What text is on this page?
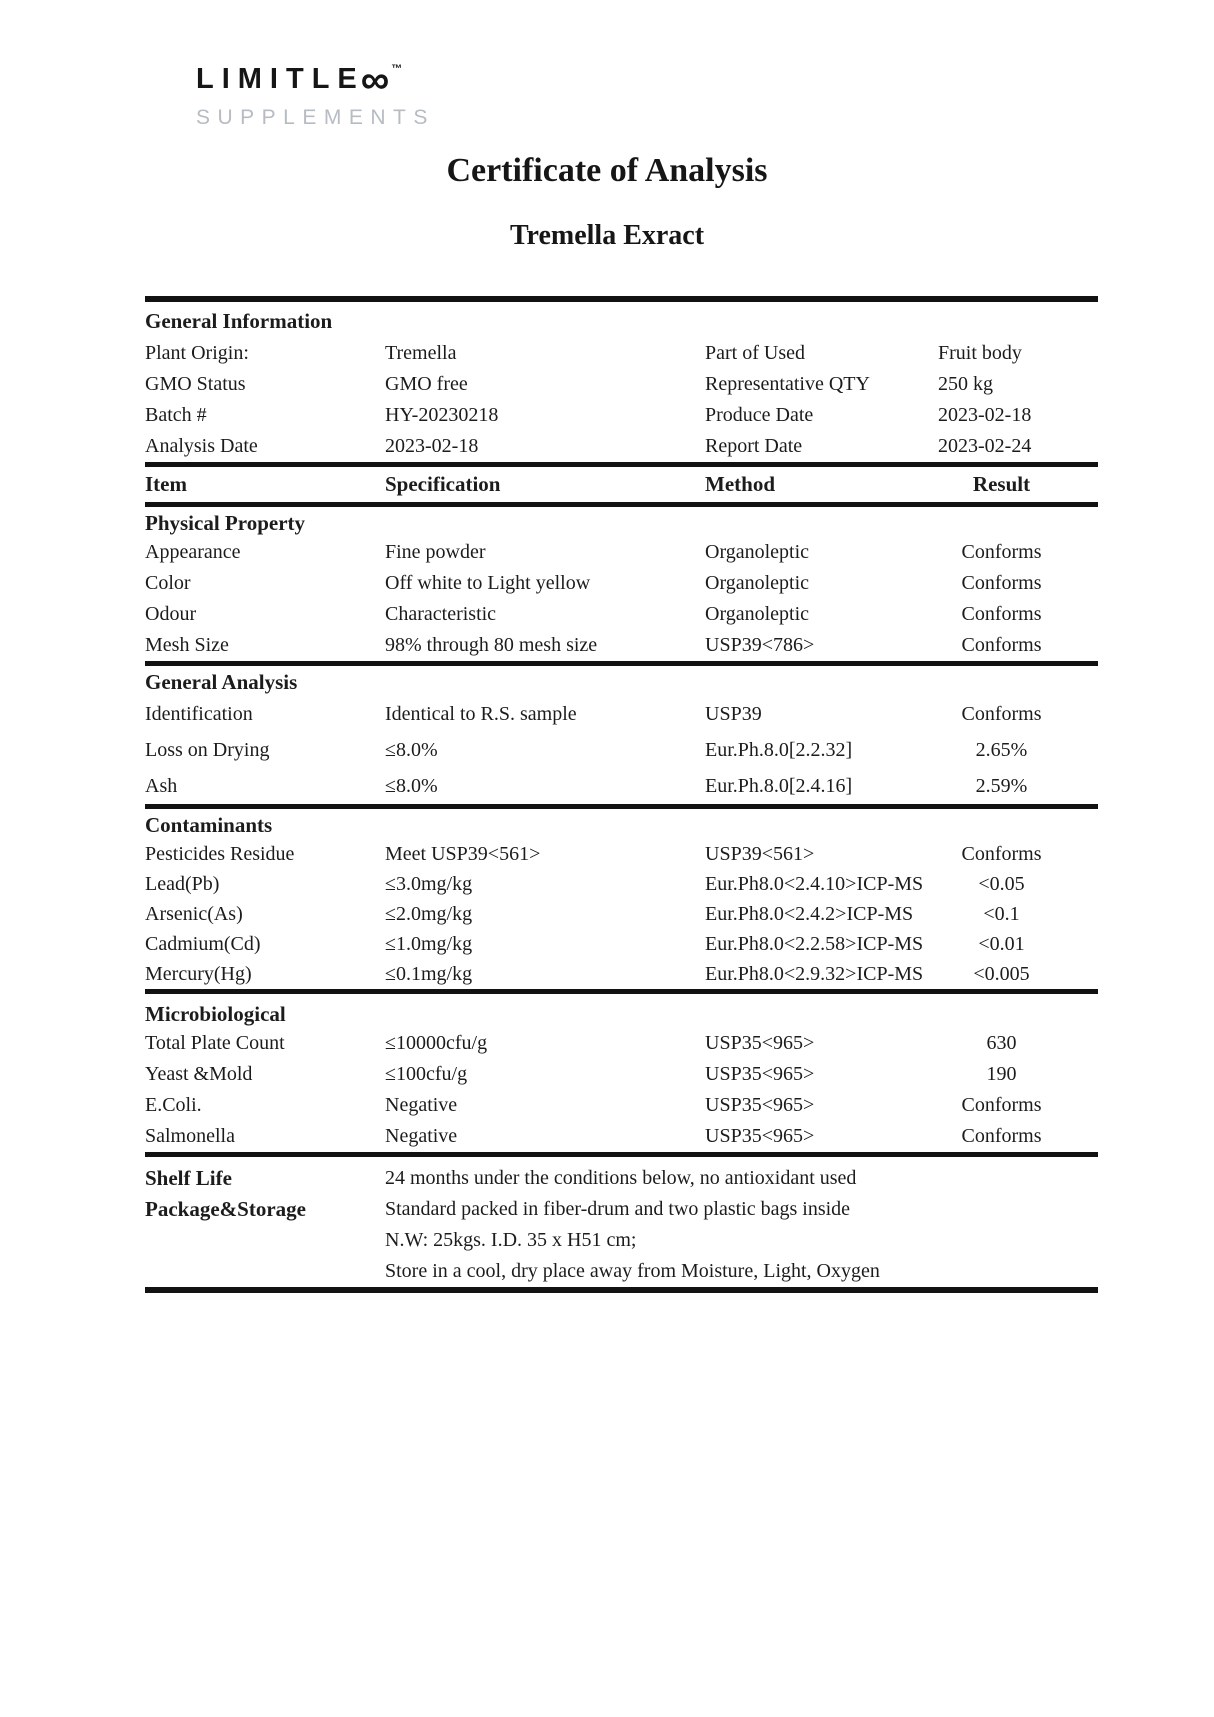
LIMITLE∞ ™
SUPPLEMENTS
Certificate of Analysis
Tremella Exract
General Information
Plant Origin:	Tremella	Part of Used	Fruit body
GMO Status	GMO free	Representative QTY	250 kg
Batch #	HY-20230218	Produce Date	2023-02-18
Analysis Date	2023-02-18	Report Date	2023-02-24
Item	Specification	Method	Result
Physical Property
Appearance	Fine powder	Organoleptic	Conforms
Color	Off white to Light yellow	Organoleptic	Conforms
Odour	Characteristic	Organoleptic	Conforms
Mesh Size	98% through 80 mesh size	USP39<786>	Conforms
General Analysis
Identification	Identical to R.S. sample	USP39	Conforms
Loss on Drying	≤8.0%	Eur.Ph.8.0[2.2.32]	2.65%
Ash	≤8.0%	Eur.Ph.8.0[2.4.16]	2.59%
Contaminants
Pesticides Residue	Meet USP39<561>	USP39<561>	Conforms
Lead(Pb)	≤3.0mg/kg	Eur.Ph8.0<2.4.10>ICP-MS	<0.05
Arsenic(As)	≤2.0mg/kg	Eur.Ph8.0<2.4.2>ICP-MS	<0.1
Cadmium(Cd)	≤1.0mg/kg	Eur.Ph8.0<2.2.58>ICP-MS	<0.01
Mercury(Hg)	≤0.1mg/kg	Eur.Ph8.0<2.9.32>ICP-MS	<0.005
Microbiological
Total Plate Count	≤10000cfu/g	USP35<965>	630
Yeast &Mold	≤100cfu/g	USP35<965>	190
E.Coli.	Negative	USP35<965>	Conforms
Salmonella	Negative	USP35<965>	Conforms
Shelf Life	24 months under the conditions below, no antioxidant used
Package&Storage	Standard packed in fiber-drum and two plastic bags inside
N.W: 25kgs. I.D. 35 x H51 cm;
Store in a cool, dry place away from Moisture, Light, Oxygen
